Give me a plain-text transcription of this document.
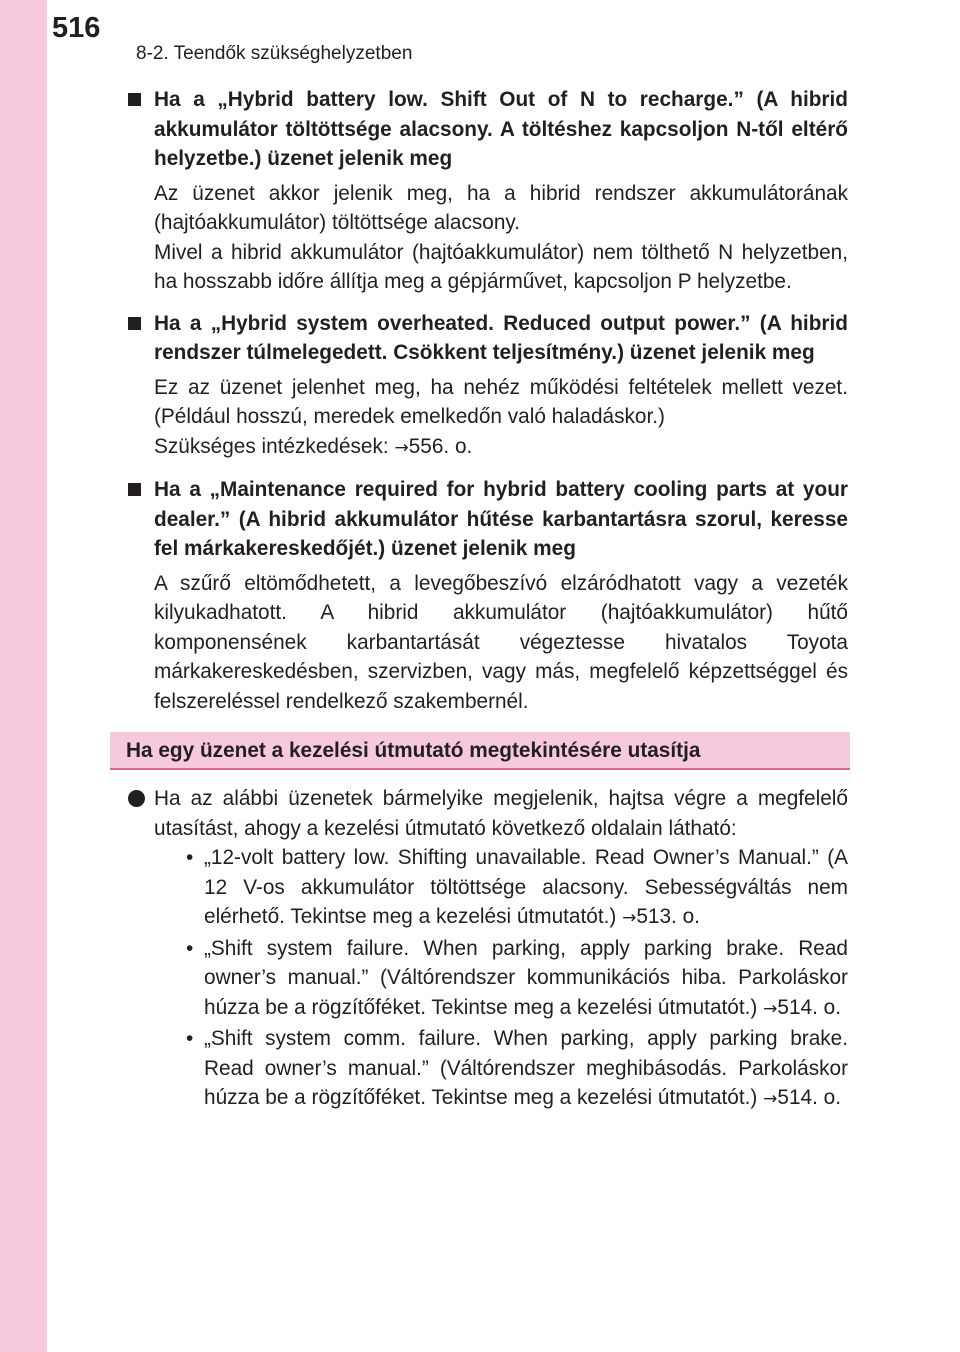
516
8-2. Teendők szükséghelyzetben
Ha a „Hybrid battery low. Shift Out of N to recharge.” (A hibrid akkumulátor töltöttsége alacsony. A töltéshez kapcsoljon N-től eltérő helyzetbe.) üzenet jelenik meg

Az üzenet akkor jelenik meg, ha a hibrid rendszer akkumulátorának (hajtóakkumulátor) töltöttsége alacsony.

Mivel a hibrid akkumulátor (hajtóakkumulátor) nem tölthető N helyzetben, ha hosszabb időre állítja meg a gépjárművet, kapcsoljon P helyzetbe.

Ha a „Hybrid system overheated. Reduced output power.” (A hibrid rendszer túlmelegedett. Csökkent teljesítmény.) üzenet jelenik meg

Ez az üzenet jelenhet meg, ha nehéz működési feltételek mellett vezet. (Például hosszú, meredek emelkedőn való haladáskor.)

Szükséges intézkedések: →556. o.

Ha a „Maintenance required for hybrid battery cooling parts at your dealer.” (A hibrid akkumulátor hűtése karbantartásra szorul, keresse fel márkakereskedőjét.) üzenet jelenik meg

A szűrő eltömődhetett, a levegőbeszívó elzáródhatott vagy a vezeték kilyukadhatott. A hibrid akkumulátor (hajtóakkumulátor) hűtő komponensének karbantartását végeztesse hivatalos Toyota márkakereskedésben, szervizben, vagy más, megfelelő képzettséggel és felszereléssel rendelkező szakembernél.

Ha egy üzenet a kezelési útmutató megtekintésére utasítja
Ha az alábbi üzenetek bármelyike megjelenik, hajtsa végre a megfelelő utasítást, ahogy a kezelési útmutató következő oldalain látható:
• „12-volt battery low. Shifting unavailable. Read Owner’s Manual.” (A 12 V-os akkumulátor töltöttsége alacsony. Sebességváltás nem elérhető. Tekintse meg a kezelési útmutatót.) →513. o.
• „Shift system failure. When parking, apply parking brake. Read owner’s manual.” (Váltórendszer kommunikációs hiba. Parkoláskor húzza be a rögzítőféket. Tekintse meg a kezelési útmutatót.) →514. o.
• „Shift system comm. failure. When parking, apply parking brake. Read owner’s manual.” (Váltórendszer meghibásodás. Parkoláskor húzza be a rögzítőféket. Tekintse meg a kezelési útmutatót.) →514. o.
